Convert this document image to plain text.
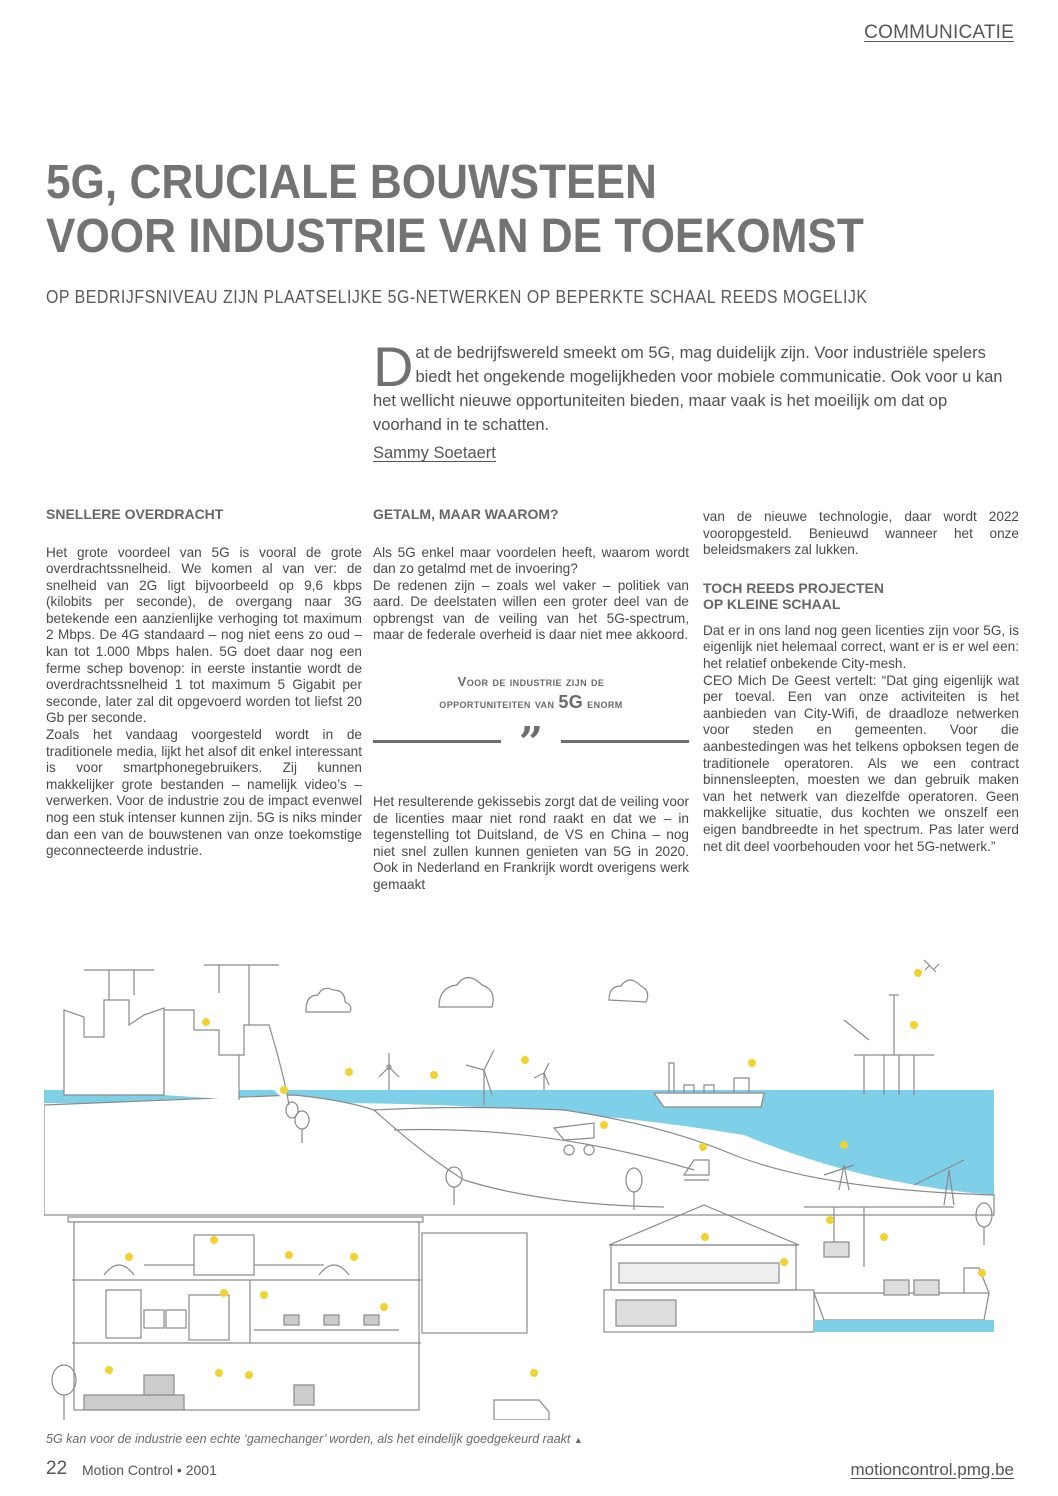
COMMUNICATIE
5G, CRUCIALE BOUWSTEEN
VOOR INDUSTRIE VAN DE TOEKOMST
OP BEDRIJFSNIVEAU ZIJN PLAATSELIJKE 5G-NETWERKEN OP BEPERKTE SCHAAL REEDS MOGELIJK
D at de bedrijfswereld smeekt om 5G, mag duidelijk zijn. Voor industriële spelers biedt het ongekende mogelijkheden voor mobiele communicatie. Ook voor u kan het wellicht nieuwe opportuniteiten bieden, maar vaak is het moeilijk om dat op voorhand in te schatten.

Sammy Soetaert
SNELLERE OVERDRACHT

Het grote voordeel van 5G is vooral de grote overdrachtssnelheid. We komen al van ver: de snelheid van 2G ligt bijvoorbeeld op 9,6 kbps (kilobits per seconde), de overgang naar 3G betekende een aanzienlijke verhoging tot maximum 2 Mbps. De 4G standaard – nog niet eens zo oud – kan tot 1.000 Mbps halen. 5G doet daar nog een ferme schep bovenop: in eerste instantie wordt de overdrachtssnelheid 1 tot maximum 5 Gigabit per seconde, later zal dit opgevoerd worden tot liefst 20 Gb per seconde.

Zoals het vandaag voorgesteld wordt in de traditionele media, lijkt het alsof dit enkel interessant is voor smartphonegebruikers. Zij kunnen makkelijker grote bestanden – namelijk video’s – verwerken. Voor de industrie zou de impact evenwel nog een stuk intenser kunnen zijn. 5G is niks minder dan een van de bouwstenen van onze toekomstige geconnecteerde industrie.

GETALM, MAAR WAAROM?

Als 5G enkel maar voordelen heeft, waarom wordt dan zo getalmd met de invoering?

De redenen zijn – zoals wel vaker – politiek van aard. De deelstaten willen een groter deel van de opbrengst van de veiling van het 5G-spectrum, maar de federale overheid is daar niet mee akkoord.

Voor de industrie zijn de
opportuniteiten van 5G enorm
”

Het resulterende gekissebis zorgt dat de veiling voor de licenties maar niet rond raakt en dat we – in tegenstelling tot Duitsland, de VS en China – nog niet snel zullen kunnen genieten van 5G in 2020. Ook in Nederland en Frankrijk wordt overigens werk gemaakt

van de nieuwe technologie, daar wordt 2022 vooropgesteld. Benieuwd wanneer het onze beleidsmakers zal lukken.

TOCH REEDS PROJECTEN
OP KLEINE SCHAAL

Dat er in ons land nog geen licenties zijn voor 5G, is eigenlijk niet helemaal correct, want er is er wel een: het relatief onbekende City-mesh.

CEO Mich De Geest vertelt: “Dat ging eigenlijk wat per toeval. Een van onze activiteiten is het aanbieden van City-Wifi, de draadloze netwerken voor steden en gemeenten. Voor die aanbestedingen was het telkens opboksen tegen de traditionele operatoren. Als we een contract binnensleepten, moesten we dan gebruik maken van het netwerk van diezelfde operatoren. Geen makkelijke situatie, dus kochten we onszelf een eigen bandbreedte in het spectrum. Pas later werd net dit deel voorbehouden voor het 5G-netwerk.”

5G kan voor de industrie een echte ‘gamechanger’ worden, als het eindelijk goedgekeurd raakt ▲
22 Motion Control • 2001	motioncontrol.pmg.be
